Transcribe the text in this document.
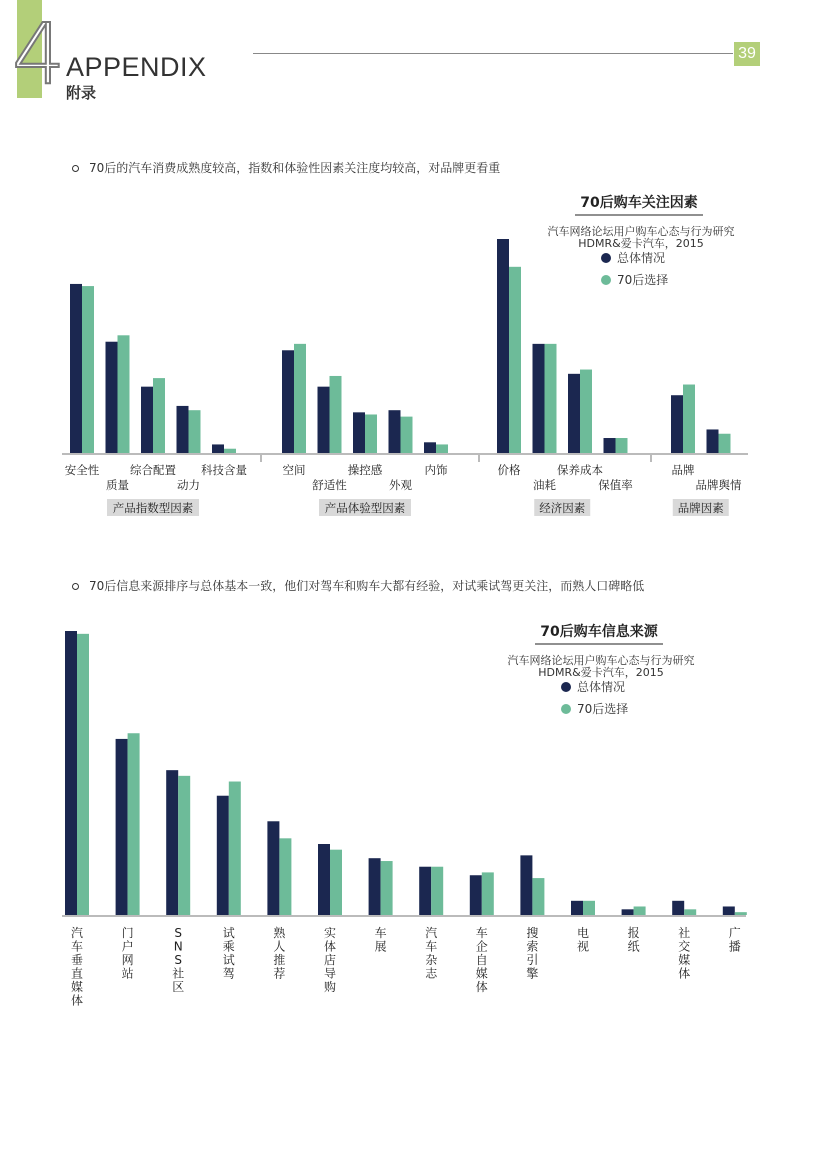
4 APPENDIX
附录
39
70后的汽车消费成熟度较高，指数和体验性因素关注度均较高，对品牌更看重
70后信息来源排序与总体基本一致，他们对驾车和购车大都有经验，对试乘试驾更关注，而熟人口碑略低
70后购车关注因素
汽车网络论坛用户购车心态与行为研究
HDMR&爱卡汽车，2015
总体情况
70后选择
安全性
质量
综合配置
动力
科技含量
产品指数型因素
空间
舒适性
操控感
外观
内饰
产品体验型因素
价格
油耗
保养成本
保值率
经济因素
品牌
品牌舆情
品牌因素
70后购车信息来源
汽车网络论坛用户购车心态与行为研究
HDMR&爱卡汽车，2015
总体情况
70后选择
汽车垂直媒体
门户网站
S N S 社区
试乘试驾
熟人推荐
实体店导购
车展
汽车杂志
车企自媒体
搜索引擎
电视
报纸
社交媒体
广播
